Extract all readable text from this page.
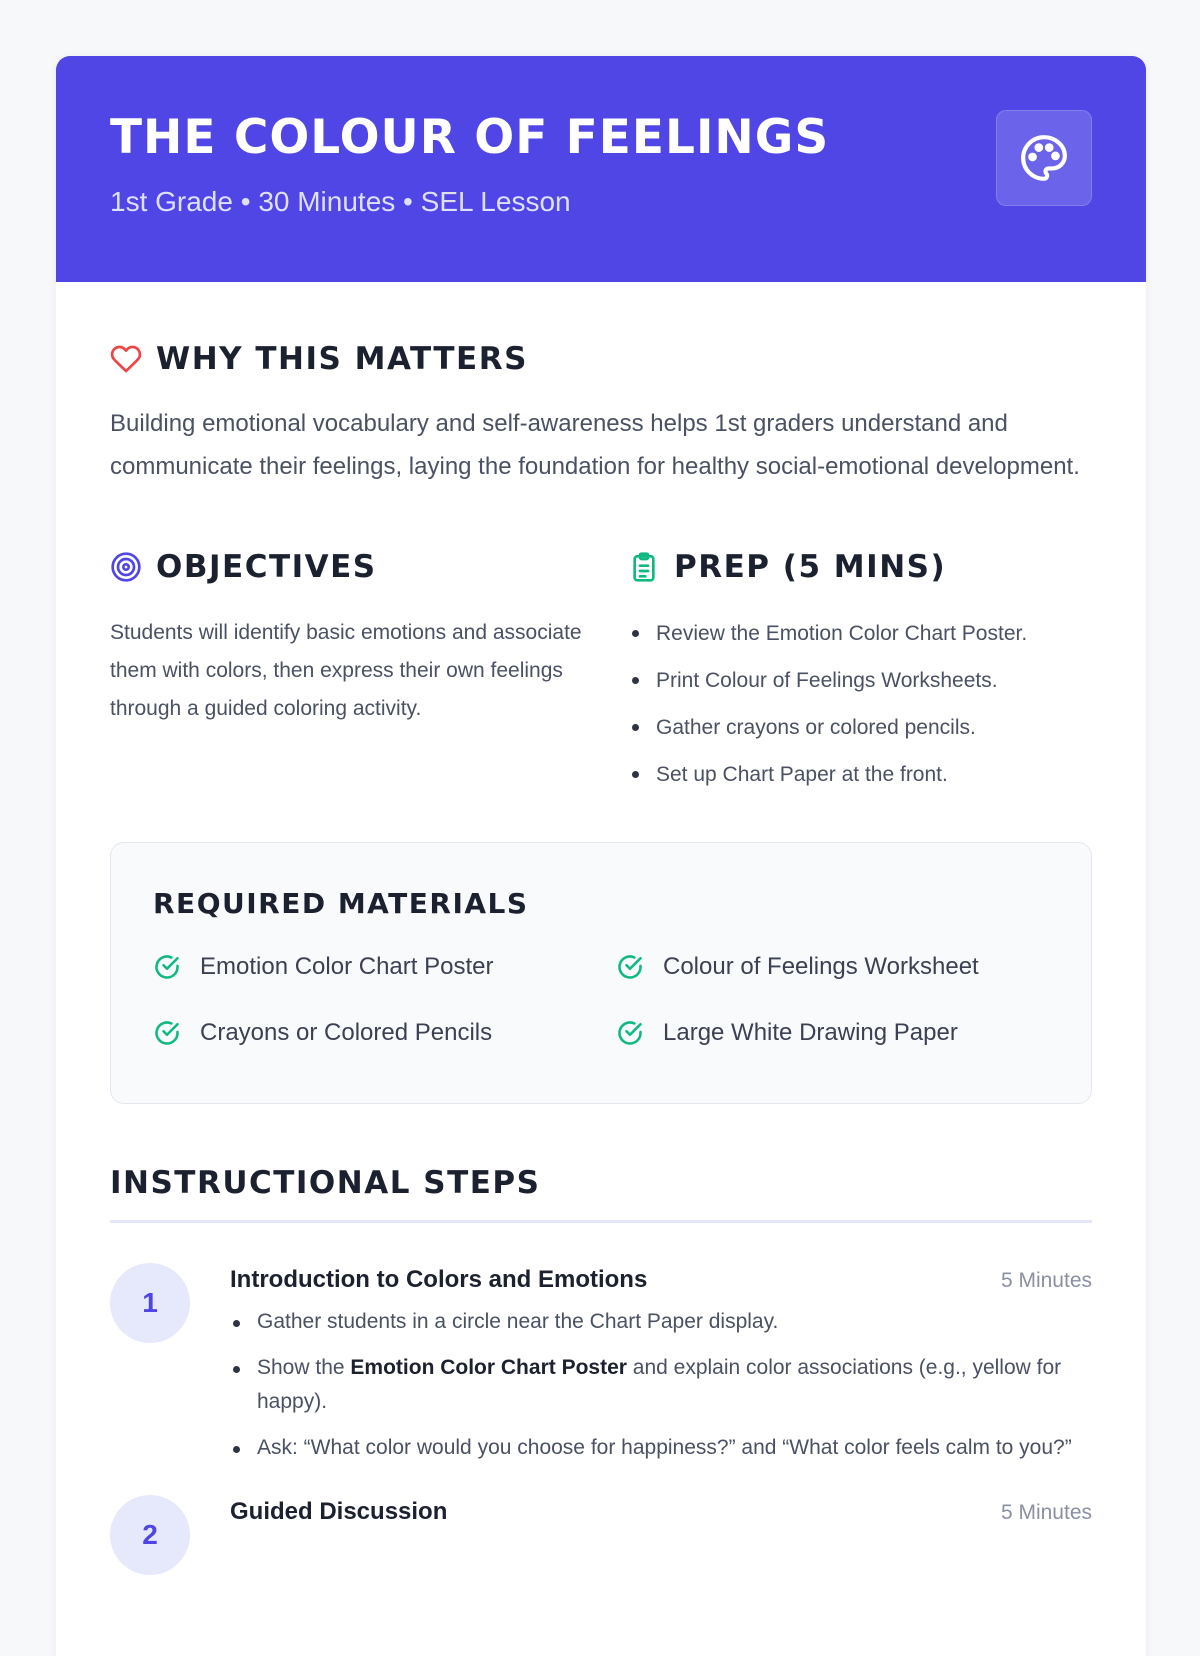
THE COLOUR OF FEELINGS
1st Grade • 30 Minutes • SEL Lesson
WHY THIS MATTERS

Building emotional vocabulary and self-awareness helps 1st graders understand and communicate their feelings, laying the foundation for healthy social-emotional development.

OBJECTIVES

Students will identify basic emotions and associate them with colors, then express their own feelings through a guided coloring activity.

PREP (5 MINS)
Review the Emotion Color Chart Poster.
Print Colour of Feelings Worksheets.
Gather crayons or colored pencils.
Set up Chart Paper at the front.
REQUIRED MATERIALS
Emotion Color Chart Poster	Colour of Feelings Worksheet
Crayons or Colored Pencils	Large White Drawing Paper
INSTRUCTIONAL STEPS
1
Introduction to Colors and Emotions	5 Minutes
Gather students in a circle near the Chart Paper display.
Show the Emotion Color Chart Poster and explain color associations (e.g., yellow for happy).
Ask: “What color would you choose for happiness?” and “What color feels calm to you?”
2
Guided Discussion	5 Minutes
